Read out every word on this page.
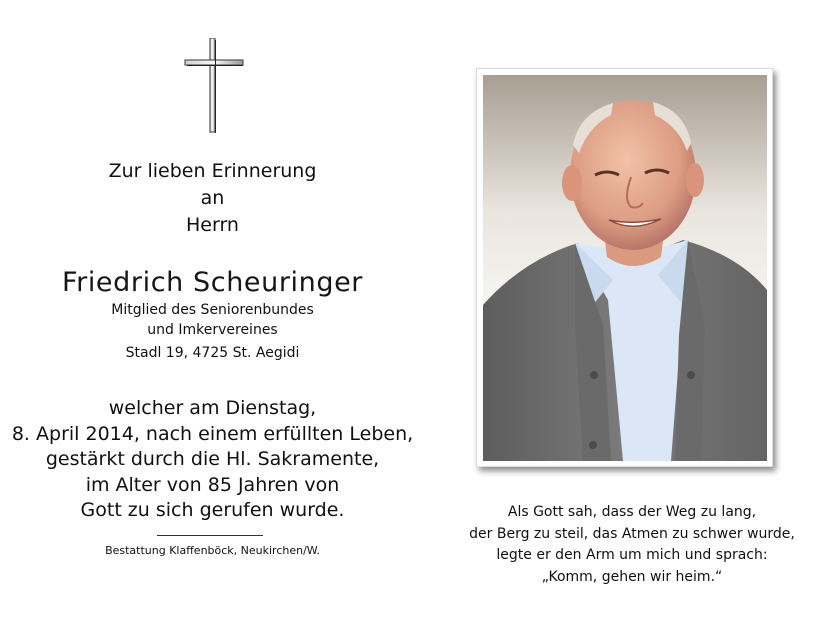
Zur lieben Erinnerung
an
Herrn
Friedrich Scheuringer
Mitglied des Seniorenbundes
und Imkervereines
Stadl 19, 4725 St. Aegidi
welcher am Dienstag,
8. April 2014, nach einem erfüllten Leben,
gestärkt durch die Hl. Sakramente,
im Alter von 85 Jahren von
Gott zu sich gerufen wurde.
Bestattung Klaffenböck, Neukirchen/W.
Als Gott sah, dass der Weg zu lang,
der Berg zu steil, das Atmen zu schwer wurde,
legte er den Arm um mich und sprach:
„Komm, gehen wir heim.“
